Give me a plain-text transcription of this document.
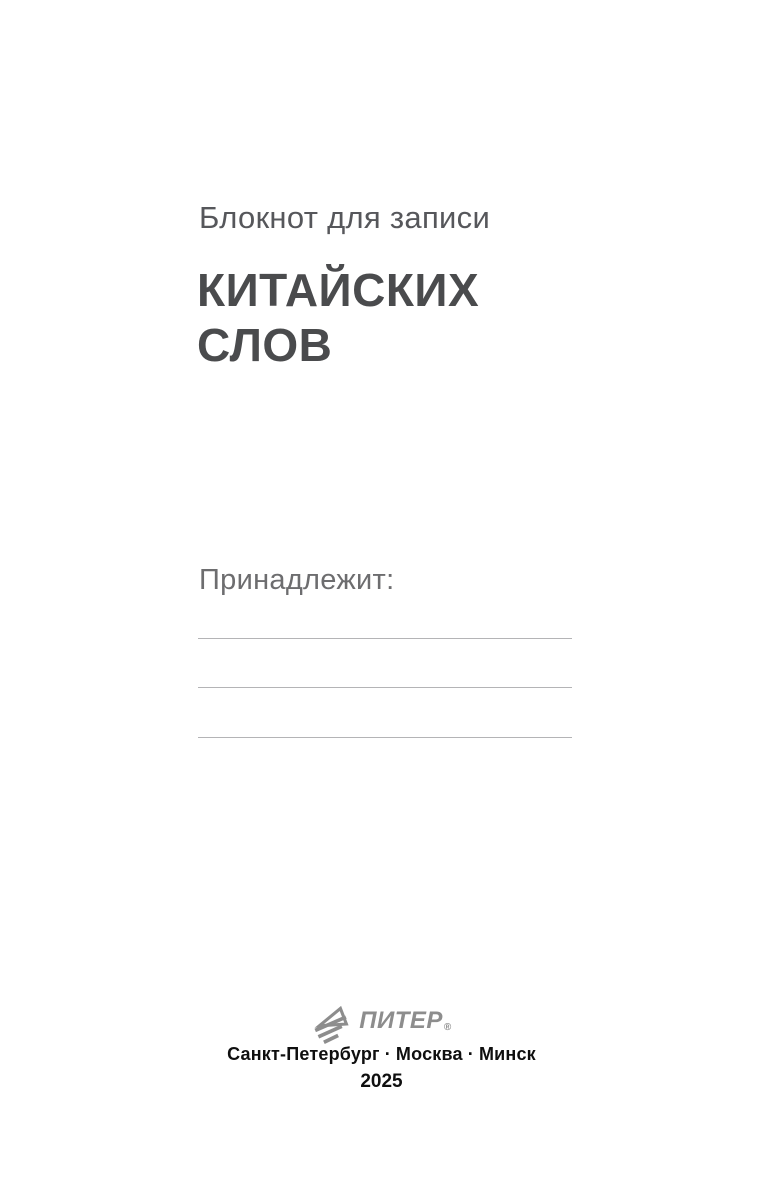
Блокнот для записи
КИТАЙСКИХ
СЛОВ
Принадлежит:
ПИТЕР®
Санкт-Петербург · Москва · Минск
2025
